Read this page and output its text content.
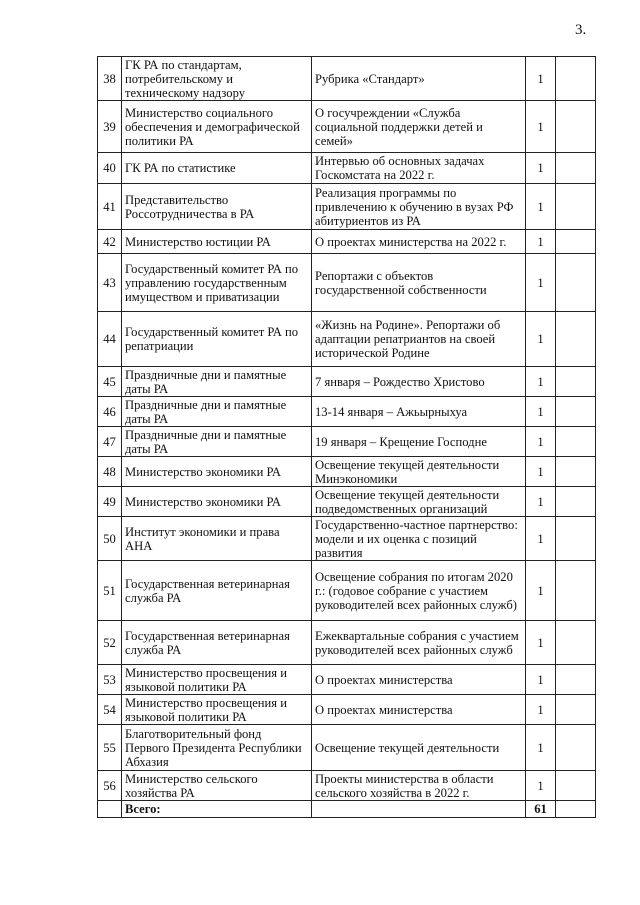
3.
38	ГК РА по стандартам, потребительскому и техническому надзору	Рубрика «Стандарт»	1	
39	Министерство социального обеспечения и демографической политики РА	О госучреждении «Служба социальной поддержки детей и семей»	1	
40	ГК РА по статистике	Интервью об основных задачах Госкомстата на 2022 г.	1	
41	Представительство Россотрудничества в РА	Реализация программы по привлечению к обучению в вузах РФ абитуриентов из РА	1	
42	Министерство юстиции РА	О проектах министерства на 2022 г.	1	
43	Государственный комитет РА по управлению государственным имуществом и приватизации	Репортажи с объектов государственной собственности	1	
44	Государственный комитет РА по репатриации	«Жизнь на Родине». Репортажи об адаптации репатриантов на своей исторической Родине	1	
45	Праздничные дни и памятные даты РА	7 января – Рождество Христово	1	
46	Праздничные дни и памятные даты РА	13-14 января – Ажьырныхуа	1	
47	Праздничные дни и памятные даты РА	19 января – Крещение Господне	1	
48	Министерство экономики РА	Освещение текущей деятельности Минэкономики	1	
49	Министерство экономики РА	Освещение текущей деятельности подведомственных организаций	1	
50	Институт экономики и права АНА	Государственно-частное партнерство: модели и их оценка с позиций развития	1	
51	Государственная ветеринарная служба РА	Освещение собрания по итогам 2020 г.: (годовое собрание с участием руководителей всех районных служб)	1	
52	Государственная ветеринарная служба РА	Ежеквартальные собрания с участием руководителей всех районных служб	1	
53	Министерство просвещения и языковой политики РА	О проектах министерства	1	
54	Министерство просвещения и языковой политики РА	О проектах министерства	1	
55	Благотворительный фонд Первого Президента Республики Абхазия	Освещение текущей деятельности	1	
56	Министерство сельского хозяйства РА	Проекты министерства в области сельского хозяйства в 2022 г.	1	
	Всего:		61	
